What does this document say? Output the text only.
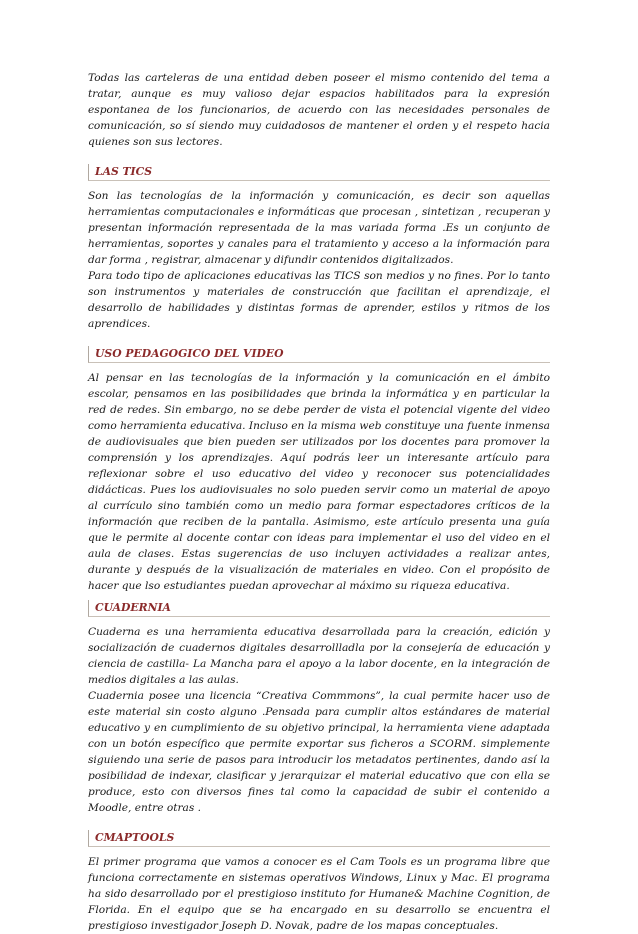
Todas las carteleras de una entidad deben poseer el mismo contenido del tema a tratar, aunque es muy valioso dejar espacios habilitados para la expresión espontanea de los funcionarios, de acuerdo con las necesidades personales de comunicación, so sí siendo muy cuidadosos de mantener el orden y el respeto hacia quienes son sus lectores.

LAS TICS

Son las tecnologías de la información y comunicación, es decir son aquellas herramientas computacionales e informáticas que procesan , sintetizan , recuperan y presentan información representada de la mas variada forma .Es un conjunto de herramientas, soportes y canales para el tratamiento y acceso a la información para dar forma , registrar, almacenar y difundir contenidos digitalizados.

Para todo tipo de aplicaciones educativas las TICS son medios y no fines. Por lo tanto son instrumentos y materiales de construcción que facilitan el aprendizaje, el desarrollo de habilidades y distintas formas de aprender, estilos y ritmos de los aprendices.

USO PEDAGOGICO DEL VIDEO

Al pensar en las tecnologías de la información y la comunicación en el ámbito escolar, pensamos en las posibilidades que brinda la informática y en particular la red de redes. Sin embargo, no se debe perder de vista el potencial vigente del video como herramienta educativa. Incluso en la misma web constituye una fuente inmensa de audiovisuales que bien pueden ser utilizados por los docentes para promover la comprensión y los aprendizajes. Aquí podrás leer un interesante artículo para reflexionar sobre el uso educativo del video y reconocer sus potencialidades didácticas. Pues los audiovisuales no solo pueden servir como un material de apoyo al currículo sino también como un medio para formar espectadores críticos de la información que reciben de la pantalla. Asimismo, este artículo presenta una guía que le permite al docente contar con ideas para implementar el uso del video en el aula de clases. Estas sugerencias de uso incluyen actividades a realizar antes, durante y después de la visualización de materiales en video. Con el propósito de hacer que lso estudiantes puedan aprovechar al máximo su riqueza educativa.

CUADERNIA

Cuaderna es una herramienta educativa desarrollada para la creación, edición y socialización de cuadernos digitales desarrollladla por la consejería de educación y ciencia de castilla- La Mancha para el apoyo a la labor docente, en la integración de medios digitales a las aulas.

Cuadernia posee una licencia “Creativa Commmons”, la cual permite hacer uso de este material sin costo alguno .Pensada para cumplir altos estándares de material educativo y en cumplimiento de su objetivo principal, la herramienta viene adaptada con un botón específico que permite exportar sus ficheros a SCORM. simplemente siguiendo una serie de pasos para introducir los metadatos pertinentes, dando así la posibilidad de indexar, clasificar y jerarquizar el material educativo que con ella se produce, esto con diversos fines tal como la capacidad de subir el contenido a Moodle, entre otras .

CMAPTOOLS

El primer programa que vamos a conocer es el Cam Tools es un programa libre que funciona correctamente en sistemas operativos Windows, Linux y Mac. El programa ha sido desarrollado por el prestigioso instituto for Humane& Machine Cognition, de Florida. En el equipo que se ha encargado en su desarrollo se encuentra el prestigioso investigador Joseph D. Novak, padre de los mapas conceptuales.
